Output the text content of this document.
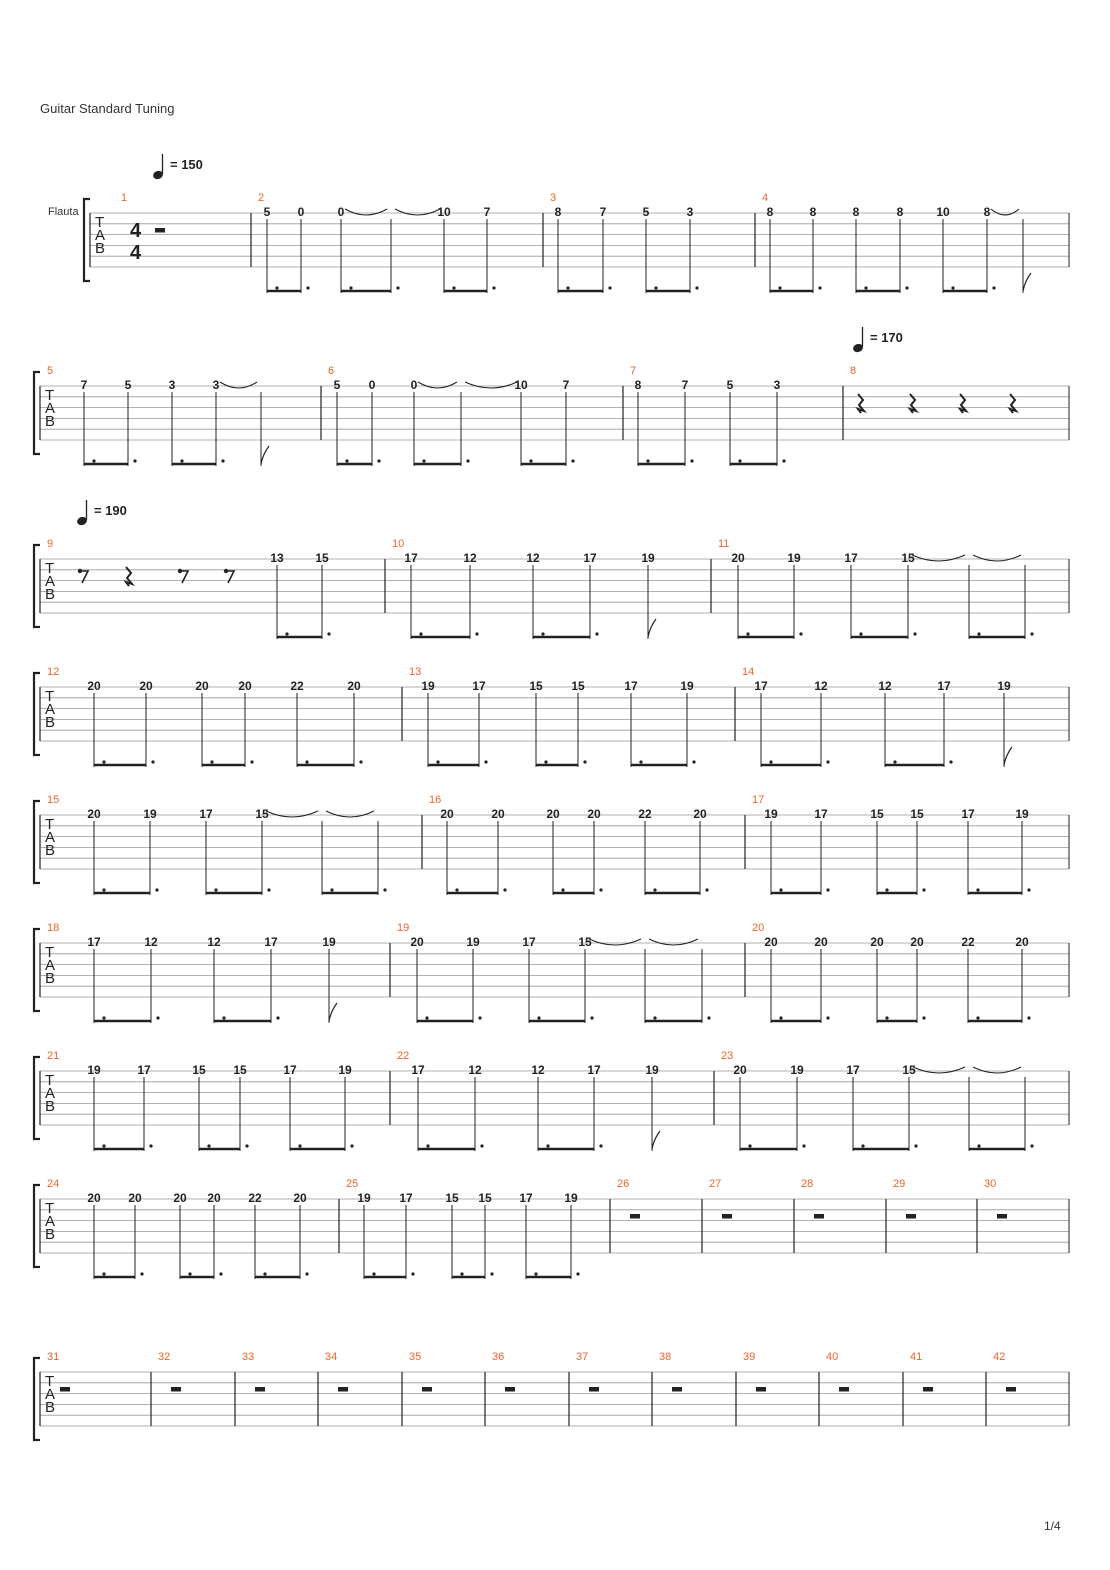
Guitar Standard Tuning
Flauta
1/4
T
A
B
4
4
= 150
1	2
5 0	0	10	7
3
8	7	5	3
4
8	8	8	8	10	8
T
A
B
= 170
5
7	5	3	3
6
5 0	0	10	7
7
8	7	5	3
8
T
A
B
= 190
9
13	15
10
17	12	12	17	19
11
20	19	17	15
T
A
B
12
20	20	20 20	22	20
13
19	17	15 15	17	19
14
17	12	12	17	19
T
A
B
15
20	19	17	15
16
20	20	20 20	22	20
17
19	17	15 15	17	19
T
A
B
18
17	12	12	17	19
19
20	19	17	15
20
20	20	20 20	22	20
T
A
B
21
19	17	15 15	17	19
22
17	12	12	17	19
23
20	19	17	15
T
A
B
24
20 20	20 20 22	20
25
19 17	15 15 17	19
26	27	28	29	30
T
A
B
31	32	33	34	35	36	37	38	39	40	41	42
